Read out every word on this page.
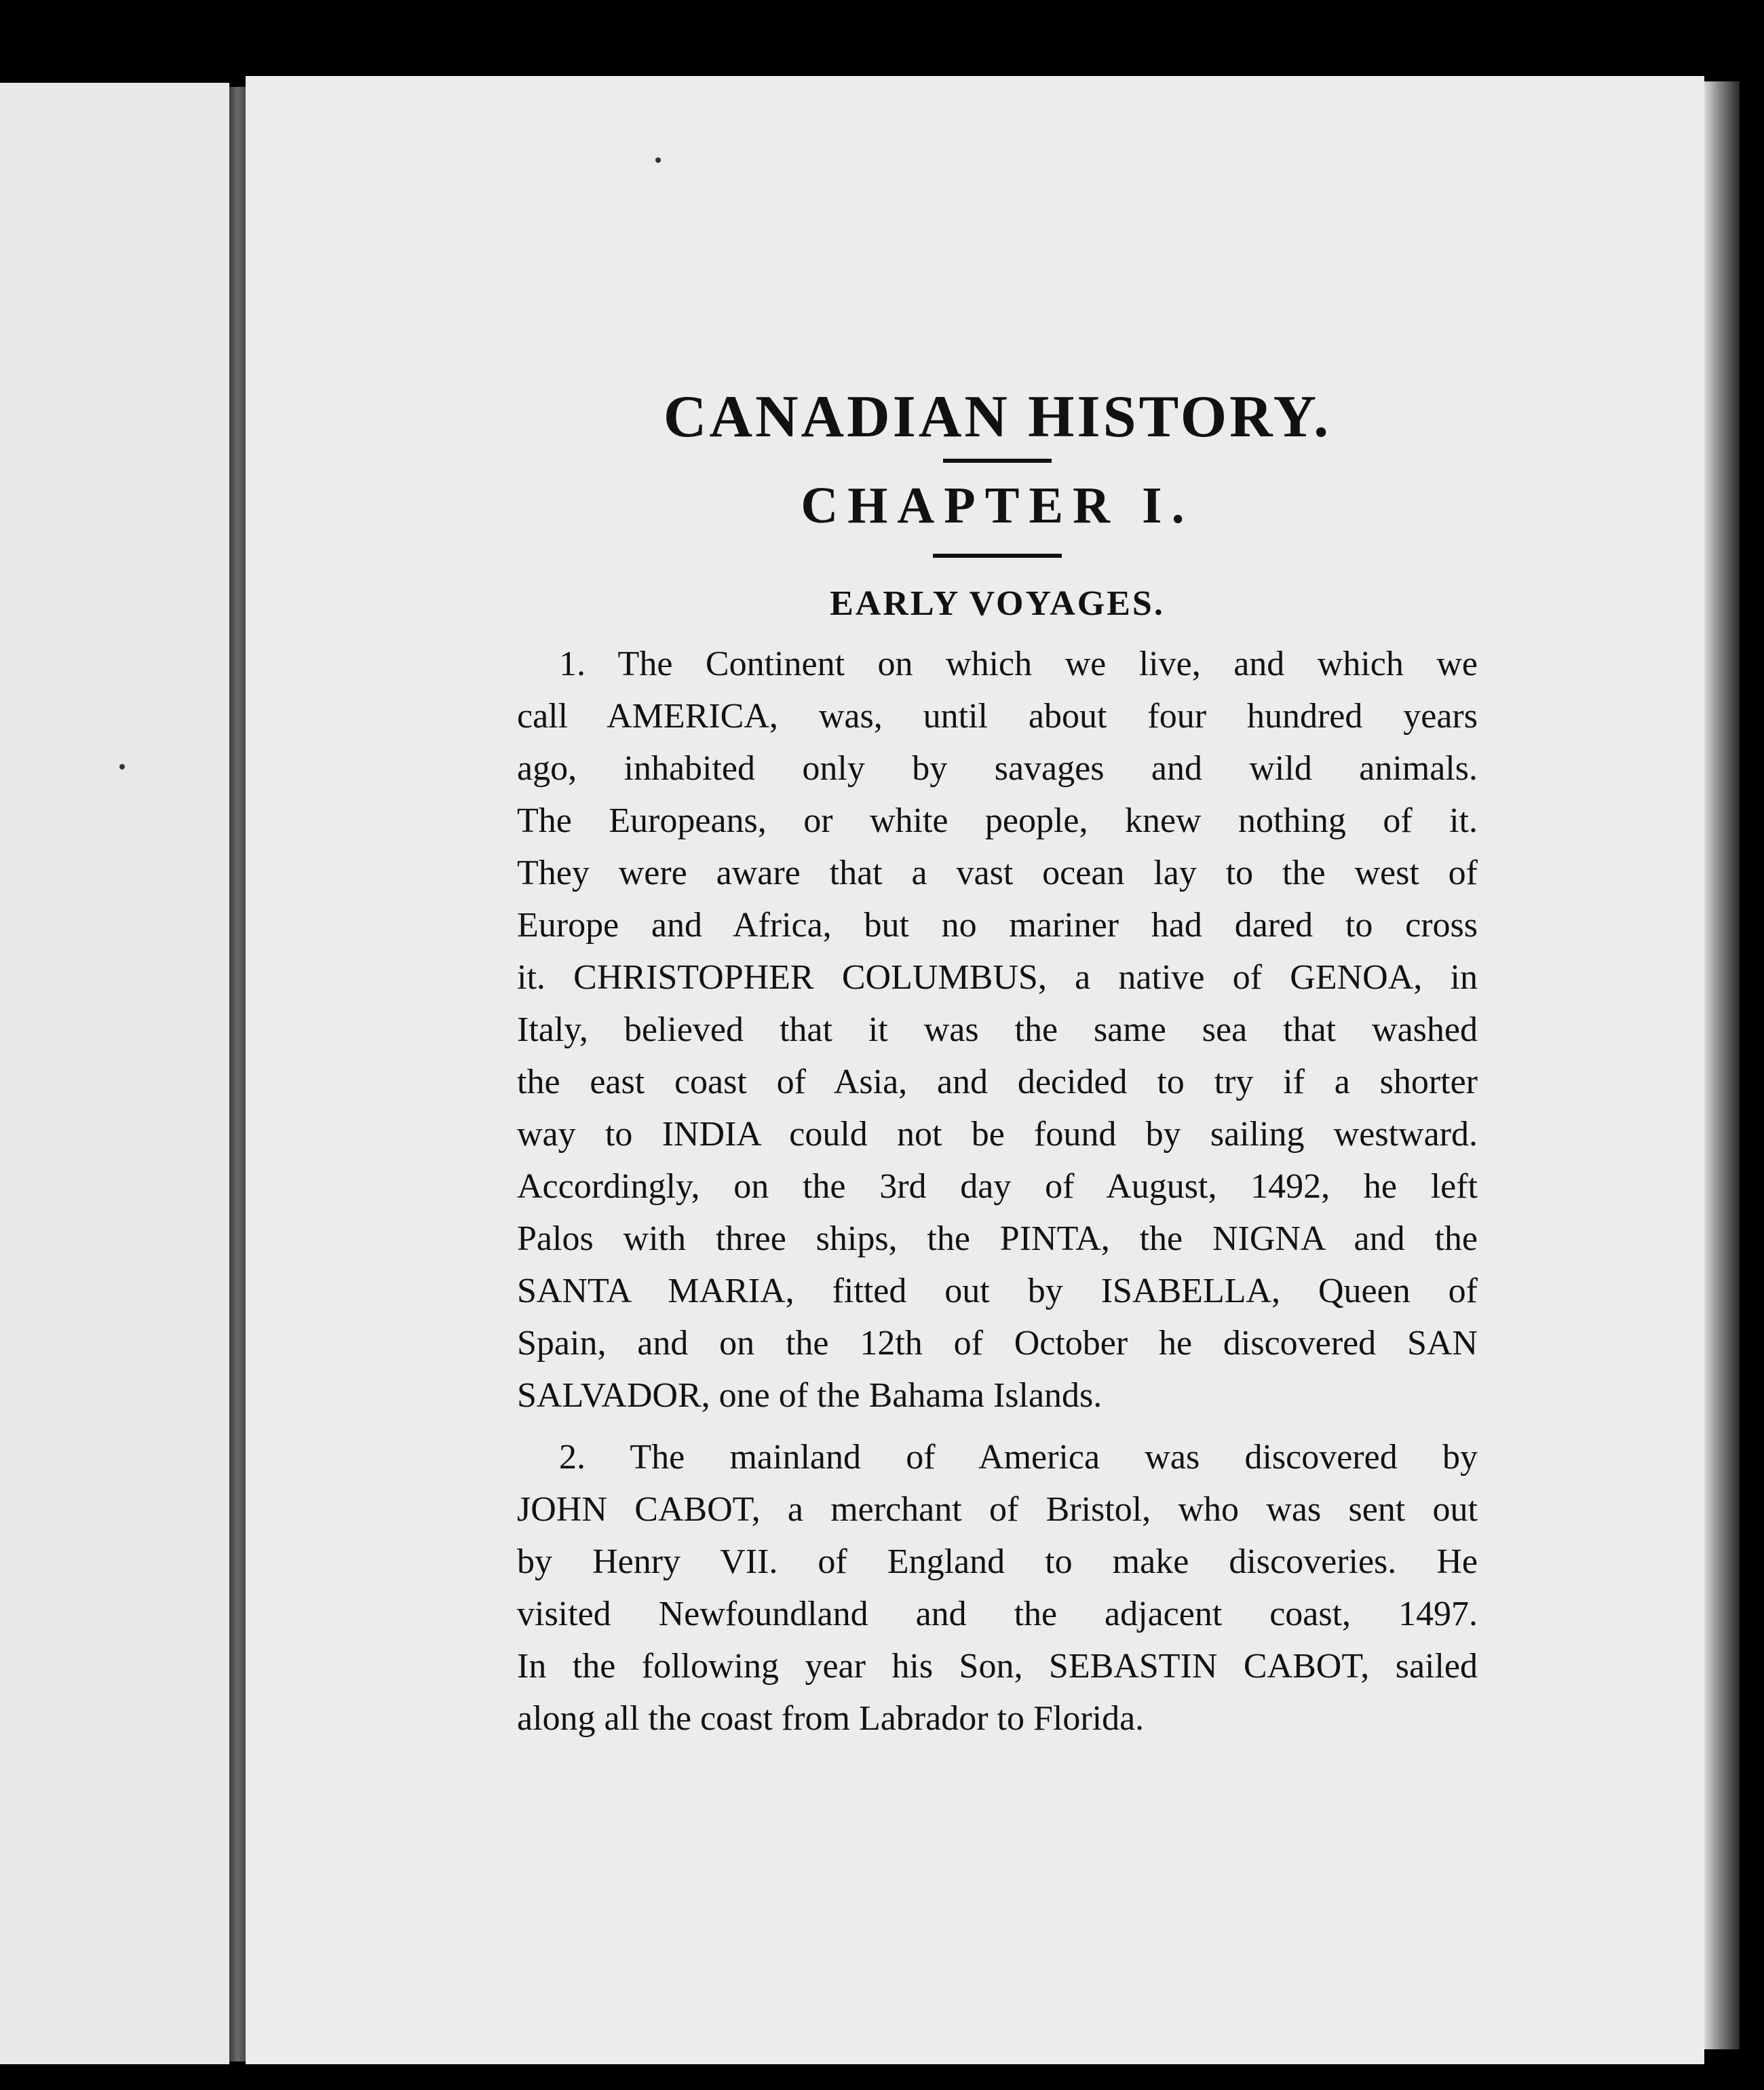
CANADIAN HISTORY.
CHAPTER I.
EARLY VOYAGES.

1. The Continent on which we live, and which we
call AMERICA, was, until about four hundred years
ago, inhabited only by savages and wild animals.
The Europeans, or white people, knew nothing of it.
They were aware that a vast ocean lay to the west of
Europe and Africa, but no mariner had dared to cross
it. CHRISTOPHER COLUMBUS, a native of GENOA, in
Italy, believed that it was the same sea that washed
the east coast of Asia, and decided to try if a shorter
way to INDIA could not be found by sailing westward.
Accordingly, on the 3rd day of August, 1492, he left
Palos with three ships, the PINTA, the NIGNA and the
SANTA MARIA, fitted out by ISABELLA, Queen of
Spain, and on the 12th of October he discovered SAN
SALVADOR, one of the Bahama Islands.

2. The mainland of America was discovered by
JOHN CABOT, a merchant of Bristol, who was sent out
by Henry VII. of England to make discoveries. He
visited Newfoundland and the adjacent coast, 1497.
In the following year his Son, SEBASTIN CABOT, sailed
along all the coast from Labrador to Florida.
